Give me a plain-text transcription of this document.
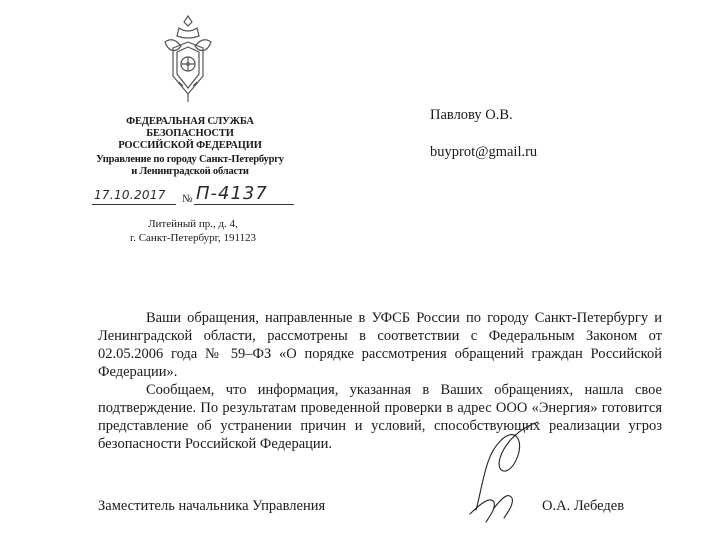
ФЕДЕРАЛЬНАЯ СЛУЖБА
БЕЗОПАСНОСТИ
РОССИЙСКОЙ ФЕДЕРАЦИИ
Управление по городу Санкт-Петербургу
и Ленинградской области
17.10.2017 № П-4137
Литейный пр., д. 4,
г. Санкт-Петербург, 191123
Павлову О.В.
buyprot@gmail.ru

Ваши обращения, направленные в УФСБ России по городу Санкт-Петербургу и Ленинградской области, рассмотрены в соответствии с Федеральным Законом от 02.05.2006 года № 59–ФЗ «О порядке рассмотрения обращений граждан Российской Федерации».

Сообщаем, что информация, указанная в Ваших обращениях, нашла свое подтверждение. По результатам проведенной проверки в адрес ООО «Энергия» готовится представление об устранении причин и условий, способствующих реализации угроз безопасности Российской Федерации.

Заместитель начальника Управления	О.А. Лебедев
